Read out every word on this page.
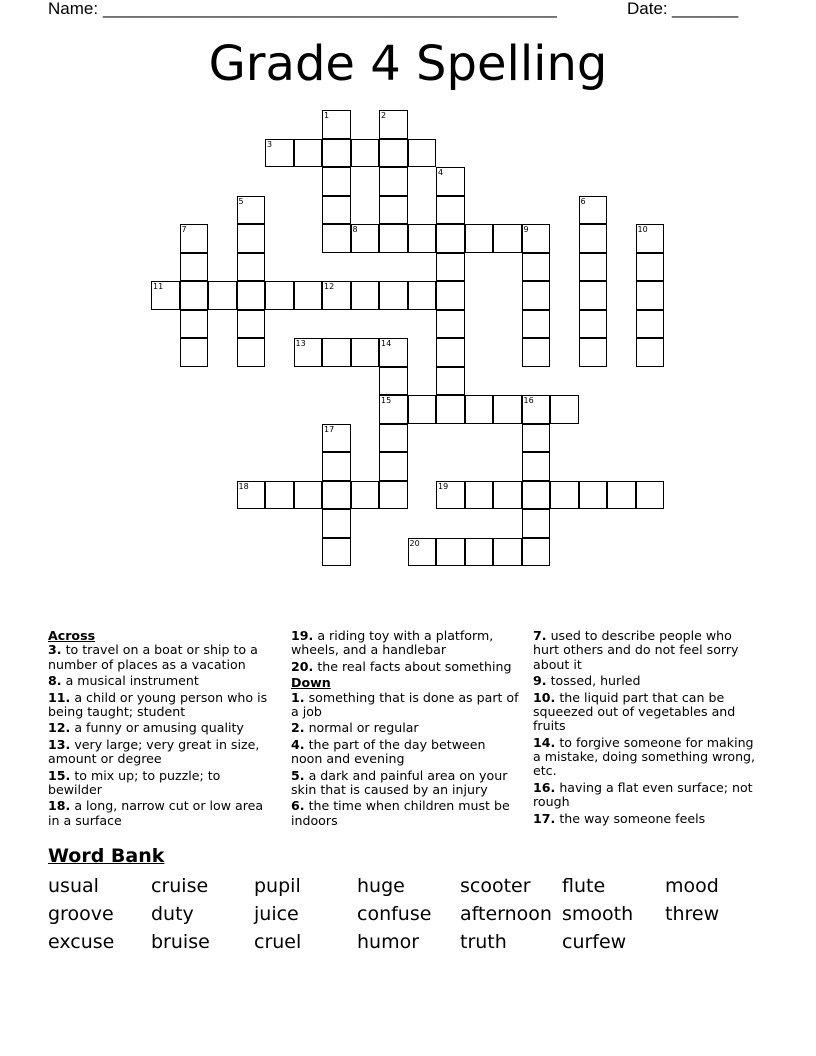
Name: ________________________________________________	Date: _______
Grade 4 Spelling
1	2
3
4
5	6
7	8	9	10
11	12
13	14
15	16
17
18	19
20
Across
3. to travel on a boat or ship to a number of places as a vacation
8. a musical instrument
11. a child or young person who is being taught; student
12. a funny or amusing quality
13. very large; very great in size, amount or degree
15. to mix up; to puzzle; to bewilder
18. a long, narrow cut or low area in a surface
19. a riding toy with a platform, wheels, and a handlebar
20. the real facts about something
Down
1. something that is done as part of a job
2. normal or regular
4. the part of the day between noon and evening
5. a dark and painful area on your skin that is caused by an injury
6. the time when children must be indoors
7. used to describe people who hurt others and do not feel sorry about it
9. tossed, hurled
10. the liquid part that can be squeezed out of vegetables and fruits
14. to forgive someone for making a mistake, doing something wrong, etc.
16. having a flat even surface; not rough
17. the way someone feels
Word Bank
usual	cruise pupil	huge	scooter flute	mood
groove duty	juice	confuse afternoon smooth threw
excuse bruise cruel	humor truth	curfew
